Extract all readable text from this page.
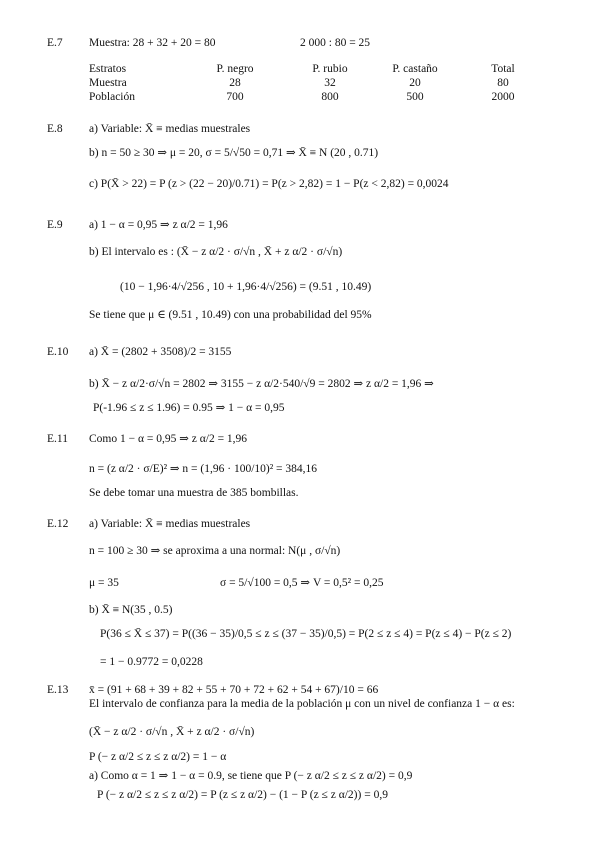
E.7 Muestra: 28 + 32 + 20 = 80	2 000 : 80 = 25
Estratos	P. negro	P. rubio	P. castaño	Total
Muestra	28	32	20	80
Población	700	800	500	2000
E.8 a) Variable: X̄ ≡ medias muestrales
b) n = 50 ≥ 30 ⇒ μ = 20, σ = 5/√50 = 0,71 ⇒ X̄ ≡ N (20 , 0.71)
c) P(X̄ > 22) = P (z > (22 − 20)/0.71) = P(z > 2,82) = 1 − P(z < 2,82) = 0,0024
E.9 a) 1 − α = 0,95 ⇒ z α/2 = 1,96
b) El intervalo es : (X̄ − z α/2 · σ/√n , X̄ + z α/2 · σ/√n)
(10 − 1,96·4/√256 , 10 + 1,96·4/√256) = (9.51 , 10.49)
Se tiene que μ ∈ (9.51 , 10.49) con una probabilidad del 95%
E.10 a) X̄ = (2802 + 3508)/2 = 3155
b) X̄ − z α/2·σ/√n = 2802 ⇒ 3155 − z α/2·540/√9 = 2802 ⇒ z α/2 = 1,96 ⇒
P(-1.96 ≤ z ≤ 1.96) = 0.95 ⇒ 1 − α = 0,95
E.11 Como 1 − α = 0,95 ⇒ z α/2 = 1,96
n = (z α/2 · σ/E)² ⇒ n = (1,96 · 100/10)² = 384,16
Se debe tomar una muestra de 385 bombillas.
E.12 a) Variable: X̄ ≡ medias muestrales
n = 100 ≥ 30 ⇒ se aproxima a una normal: N(μ , σ/√n)
μ = 35	σ = 5/√100 = 0,5 ⇒ V = 0,5² = 0,25
b) X̄ ≡ N(35 , 0.5)
P(36 ≤ X̄ ≤ 37) = P((36 − 35)/0,5 ≤ z ≤ (37 − 35)/0,5) = P(2 ≤ z ≤ 4) = P(z ≤ 4) − P(z ≤ 2)
= 1 − 0.9772 = 0,0228
E.13 x̄ = (91 + 68 + 39 + 82 + 55 + 70 + 72 + 62 + 54 + 67)/10 = 66
El intervalo de confianza para la media de la población μ con un nivel de confianza 1 − α es:
(X̄ − z α/2 · σ/√n , X̄ + z α/2 · σ/√n)
P (− z α/2 ≤ z ≤ z α/2) = 1 − α
a) Como α = 1 ⇒ 1 − α = 0.9, se tiene que P (− z α/2 ≤ z ≤ z α/2) = 0,9
P (− z α/2 ≤ z ≤ z α/2) = P (z ≤ z α/2) − (1 − P (z ≤ z α/2)) = 0,9
